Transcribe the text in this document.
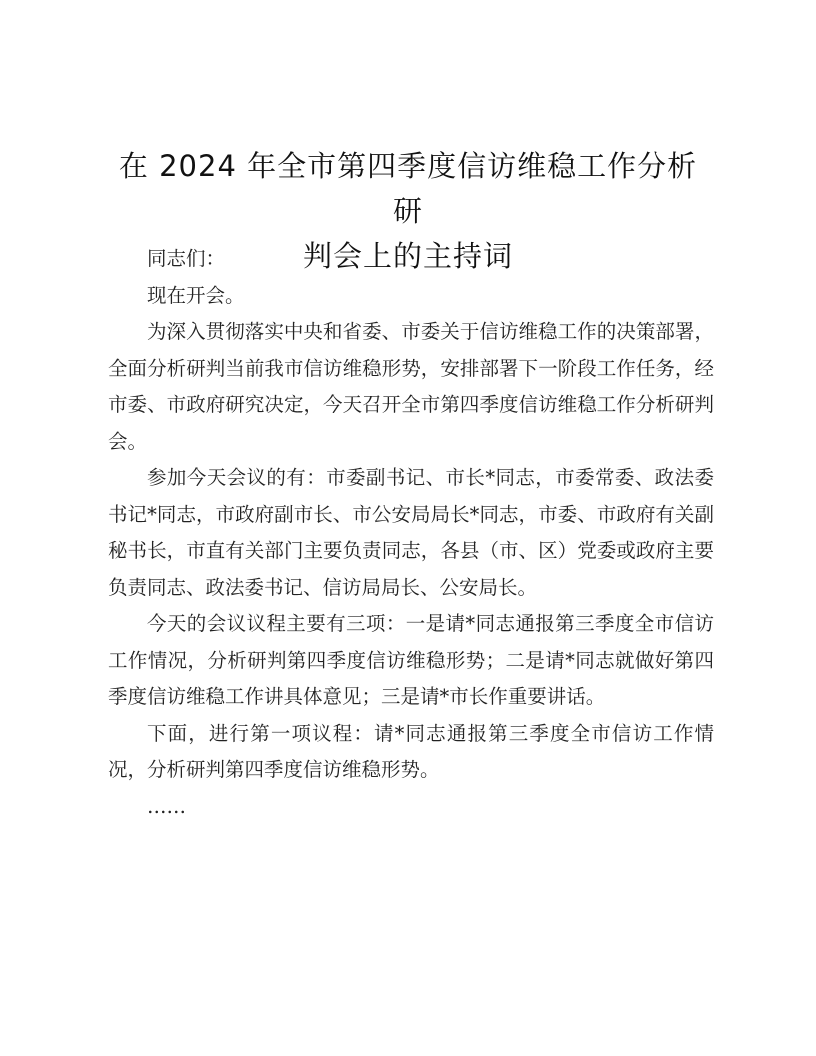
在 2024 年全市第四季度信访维稳工作分析研
判会上的主持词

同志们：

现在开会。

为深入贯彻落实中央和省委、市委关于信访维稳工作的决策部署，全面分析研判当前我市信访维稳形势，安排部署下一阶段工作任务，经市委、市政府研究决定，今天召开全市第四季度信访维稳工作分析研判会。

参加今天会议的有：市委副书记、市长*同志，市委常委、政法委书记*同志，市政府副市长、市公安局局长*同志，市委、市政府有关副秘书长，市直有关部门主要负责同志，各县（市、区）党委或政府主要负责同志、政法委书记、信访局局长、公安局长。

今天的会议议程主要有三项：一是请*同志通报第三季度全市信访工作情况，分析研判第四季度信访维稳形势；二是请*同志就做好第四季度信访维稳工作讲具体意见；三是请*市长作重要讲话。

下面，进行第一项议程：请*同志通报第三季度全市信访工作情况，分析研判第四季度信访维稳形势。

……
